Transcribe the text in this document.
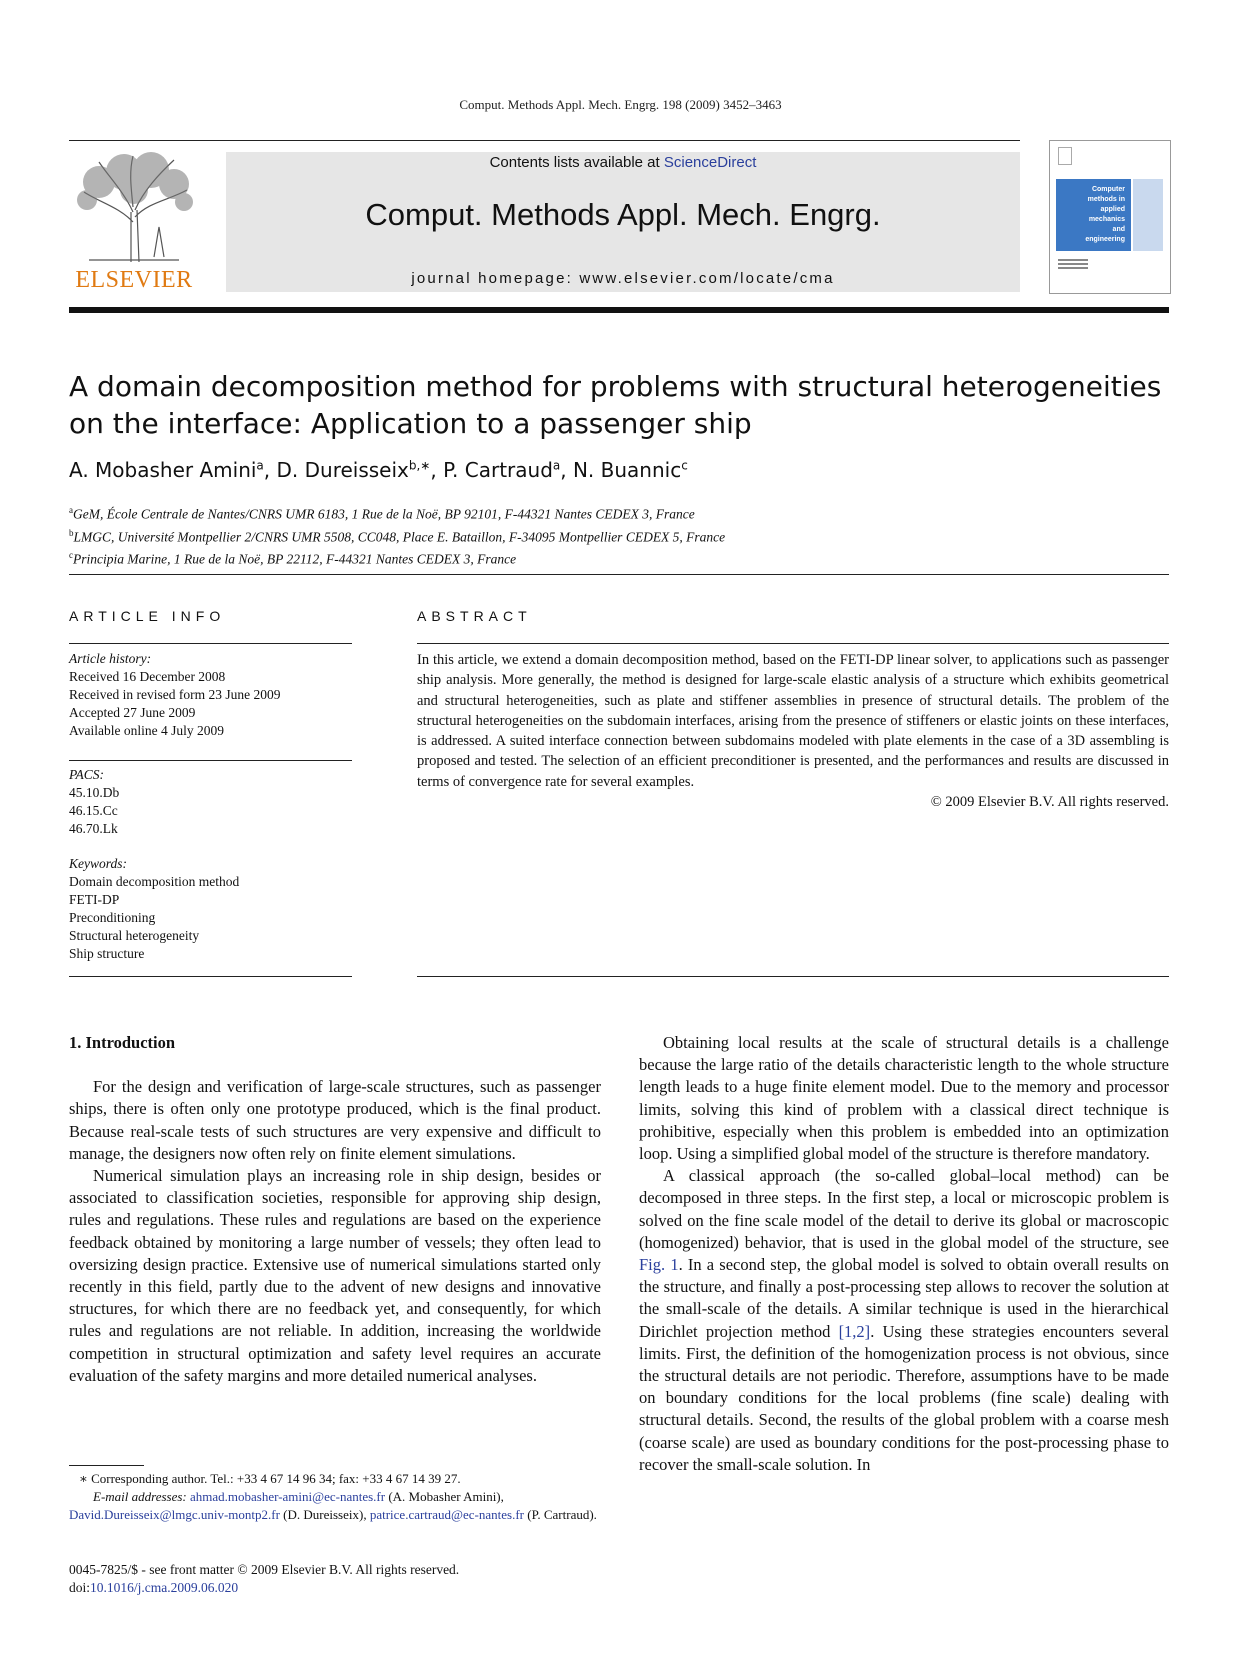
Comput. Methods Appl. Mech. Engrg. 198 (2009) 3452–3463
ELSEVIER
Contents lists available at ScienceDirect
Comput. Methods Appl. Mech. Engrg.
journal homepage: www.elsevier.com/locate/cma
Computer
methods in
applied
mechanics
and
engineering
A domain decomposition method for problems with structural heterogeneities on the interface: Application to a passenger ship
A. Mobasher Amini$^a$, D. Dureisseix$^{b,∗}$, P. Cartraud$^a$, N. Buannic$^c$
$^a$GeM, École Centrale de Nantes/CNRS UMR 6183, 1 Rue de la Noë, BP 92101, F-44321 Nantes CEDEX 3, France
$^b$LMGC, Université Montpellier 2/CNRS UMR 5508, CC048, Place E. Bataillon, F-34095 Montpellier CEDEX 5, France
$^c$Principia Marine, 1 Rue de la Noë, BP 22112, F-44321 Nantes CEDEX 3, France
ARTICLE INFO	ABSTRACT
Article history:
Received 16 December 2008
Received in revised form 23 June 2009
Accepted 27 June 2009
Available online 4 July 2009
PACS:
45.10.Db
46.15.Cc
46.70.Lk
Keywords:
Domain decomposition method
FETI-DP
Preconditioning
Structural heterogeneity
Ship structure
In this article, we extend a domain decomposition method, based on the FETI-DP linear solver, to applications such as passenger ship analysis. More generally, the method is designed for large-scale elastic analysis of a structure which exhibits geometrical and structural heterogeneities, such as plate and stiffener assemblies in presence of structural details. The problem of the structural heterogeneities on the subdomain interfaces, arising from the presence of stiffeners or elastic joints on these interfaces, is addressed. A suited interface connection between subdomains modeled with plate elements in the case of a 3D assembling is proposed and tested. The selection of an efficient preconditioner is presented, and the performances and results are discussed in terms of convergence rate for several examples.
© 2009 Elsevier B.V. All rights reserved.
1. Introduction

For the design and verification of large-scale structures, such as passenger ships, there is often only one prototype produced, which is the final product. Because real-scale tests of such structures are very expensive and difficult to manage, the designers now often rely on finite element simulations.

Numerical simulation plays an increasing role in ship design, besides or associated to classification societies, responsible for approving ship design, rules and regulations. These rules and regulations are based on the experience feedback obtained by monitoring a large number of vessels; they often lead to oversizing design practice. Extensive use of numerical simulations started only recently in this field, partly due to the advent of new designs and innovative structures, for which there are no feedback yet, and consequently, for which rules and regulations are not reliable. In addition, increasing the worldwide competition in structural optimization and safety level requires an accurate evaluation of the safety margins and more detailed numerical analyses.

∗ Corresponding author. Tel.: +33 4 67 14 96 34; fax: +33 4 67 14 39 27.
E-mail addresses: ahmad.mobasher-amini@ec-nantes.fr (A. Mobasher Amini), David.Dureisseix@lmgc.univ-montp2.fr (D. Dureisseix), patrice.cartraud@ec-nantes.fr (P. Cartraud).
0045-7825/$ - see front matter © 2009 Elsevier B.V. All rights reserved.
doi:10.1016/j.cma.2009.06.020

Obtaining local results at the scale of structural details is a challenge because the large ratio of the details characteristic length to the whole structure length leads to a huge finite element model. Due to the memory and processor limits, solving this kind of problem with a classical direct technique is prohibitive, especially when this problem is embedded into an optimization loop. Using a simplified global model of the structure is therefore mandatory.

A classical approach (the so-called global–local method) can be decomposed in three steps. In the first step, a local or microscopic problem is solved on the fine scale model of the detail to derive its global or macroscopic (homogenized) behavior, that is used in the global model of the structure, see Fig. 1. In a second step, the global model is solved to obtain overall results on the structure, and finally a post-processing step allows to recover the solution at the small-scale of the details. A similar technique is used in the hierarchical Dirichlet projection method [1,2]. Using these strategies encounters several limits. First, the definition of the homogenization process is not obvious, since the structural details are not periodic. Therefore, assumptions have to be made on boundary conditions for the local problems (fine scale) dealing with structural details. Second, the results of the global problem with a coarse mesh (coarse scale) are used as boundary conditions for the post-processing phase to recover the small-scale solution. In
